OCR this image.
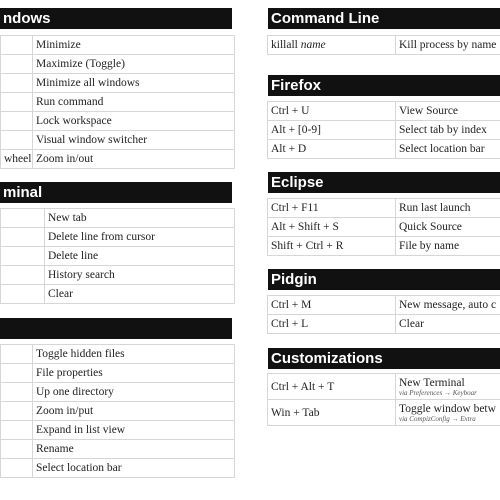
ndows
	Minimize
	Maximize (Toggle)
	Minimize all windows
	Run command
	Lock workspace
	Visual window switcher
wheel	Zoom in/out
minal
	New tab
	Delete line from cursor
	Delete line
	History search
	Clear
	Toggle hidden files
	File properties
	Up one directory
	Zoom in/put
	Expand in list view
	Rename
	Select location bar
Command Line
killall name	Kill process by name
Firefox
Ctrl + U	View Source
Alt + [0-9]	Select tab by index
Alt + D	Select location bar
Eclipse
Ctrl + F11	Run last launch
Alt + Shift + S	Quick Source
Shift + Ctrl + R	File by name
Pidgin
Ctrl + M	New message, auto c
Ctrl + L	Clear
Customizations
Ctrl + Alt + T	New Terminal
via Preferences → Keyboar

Win + Tab	Toggle window betw
via CompizConfig → Extra
